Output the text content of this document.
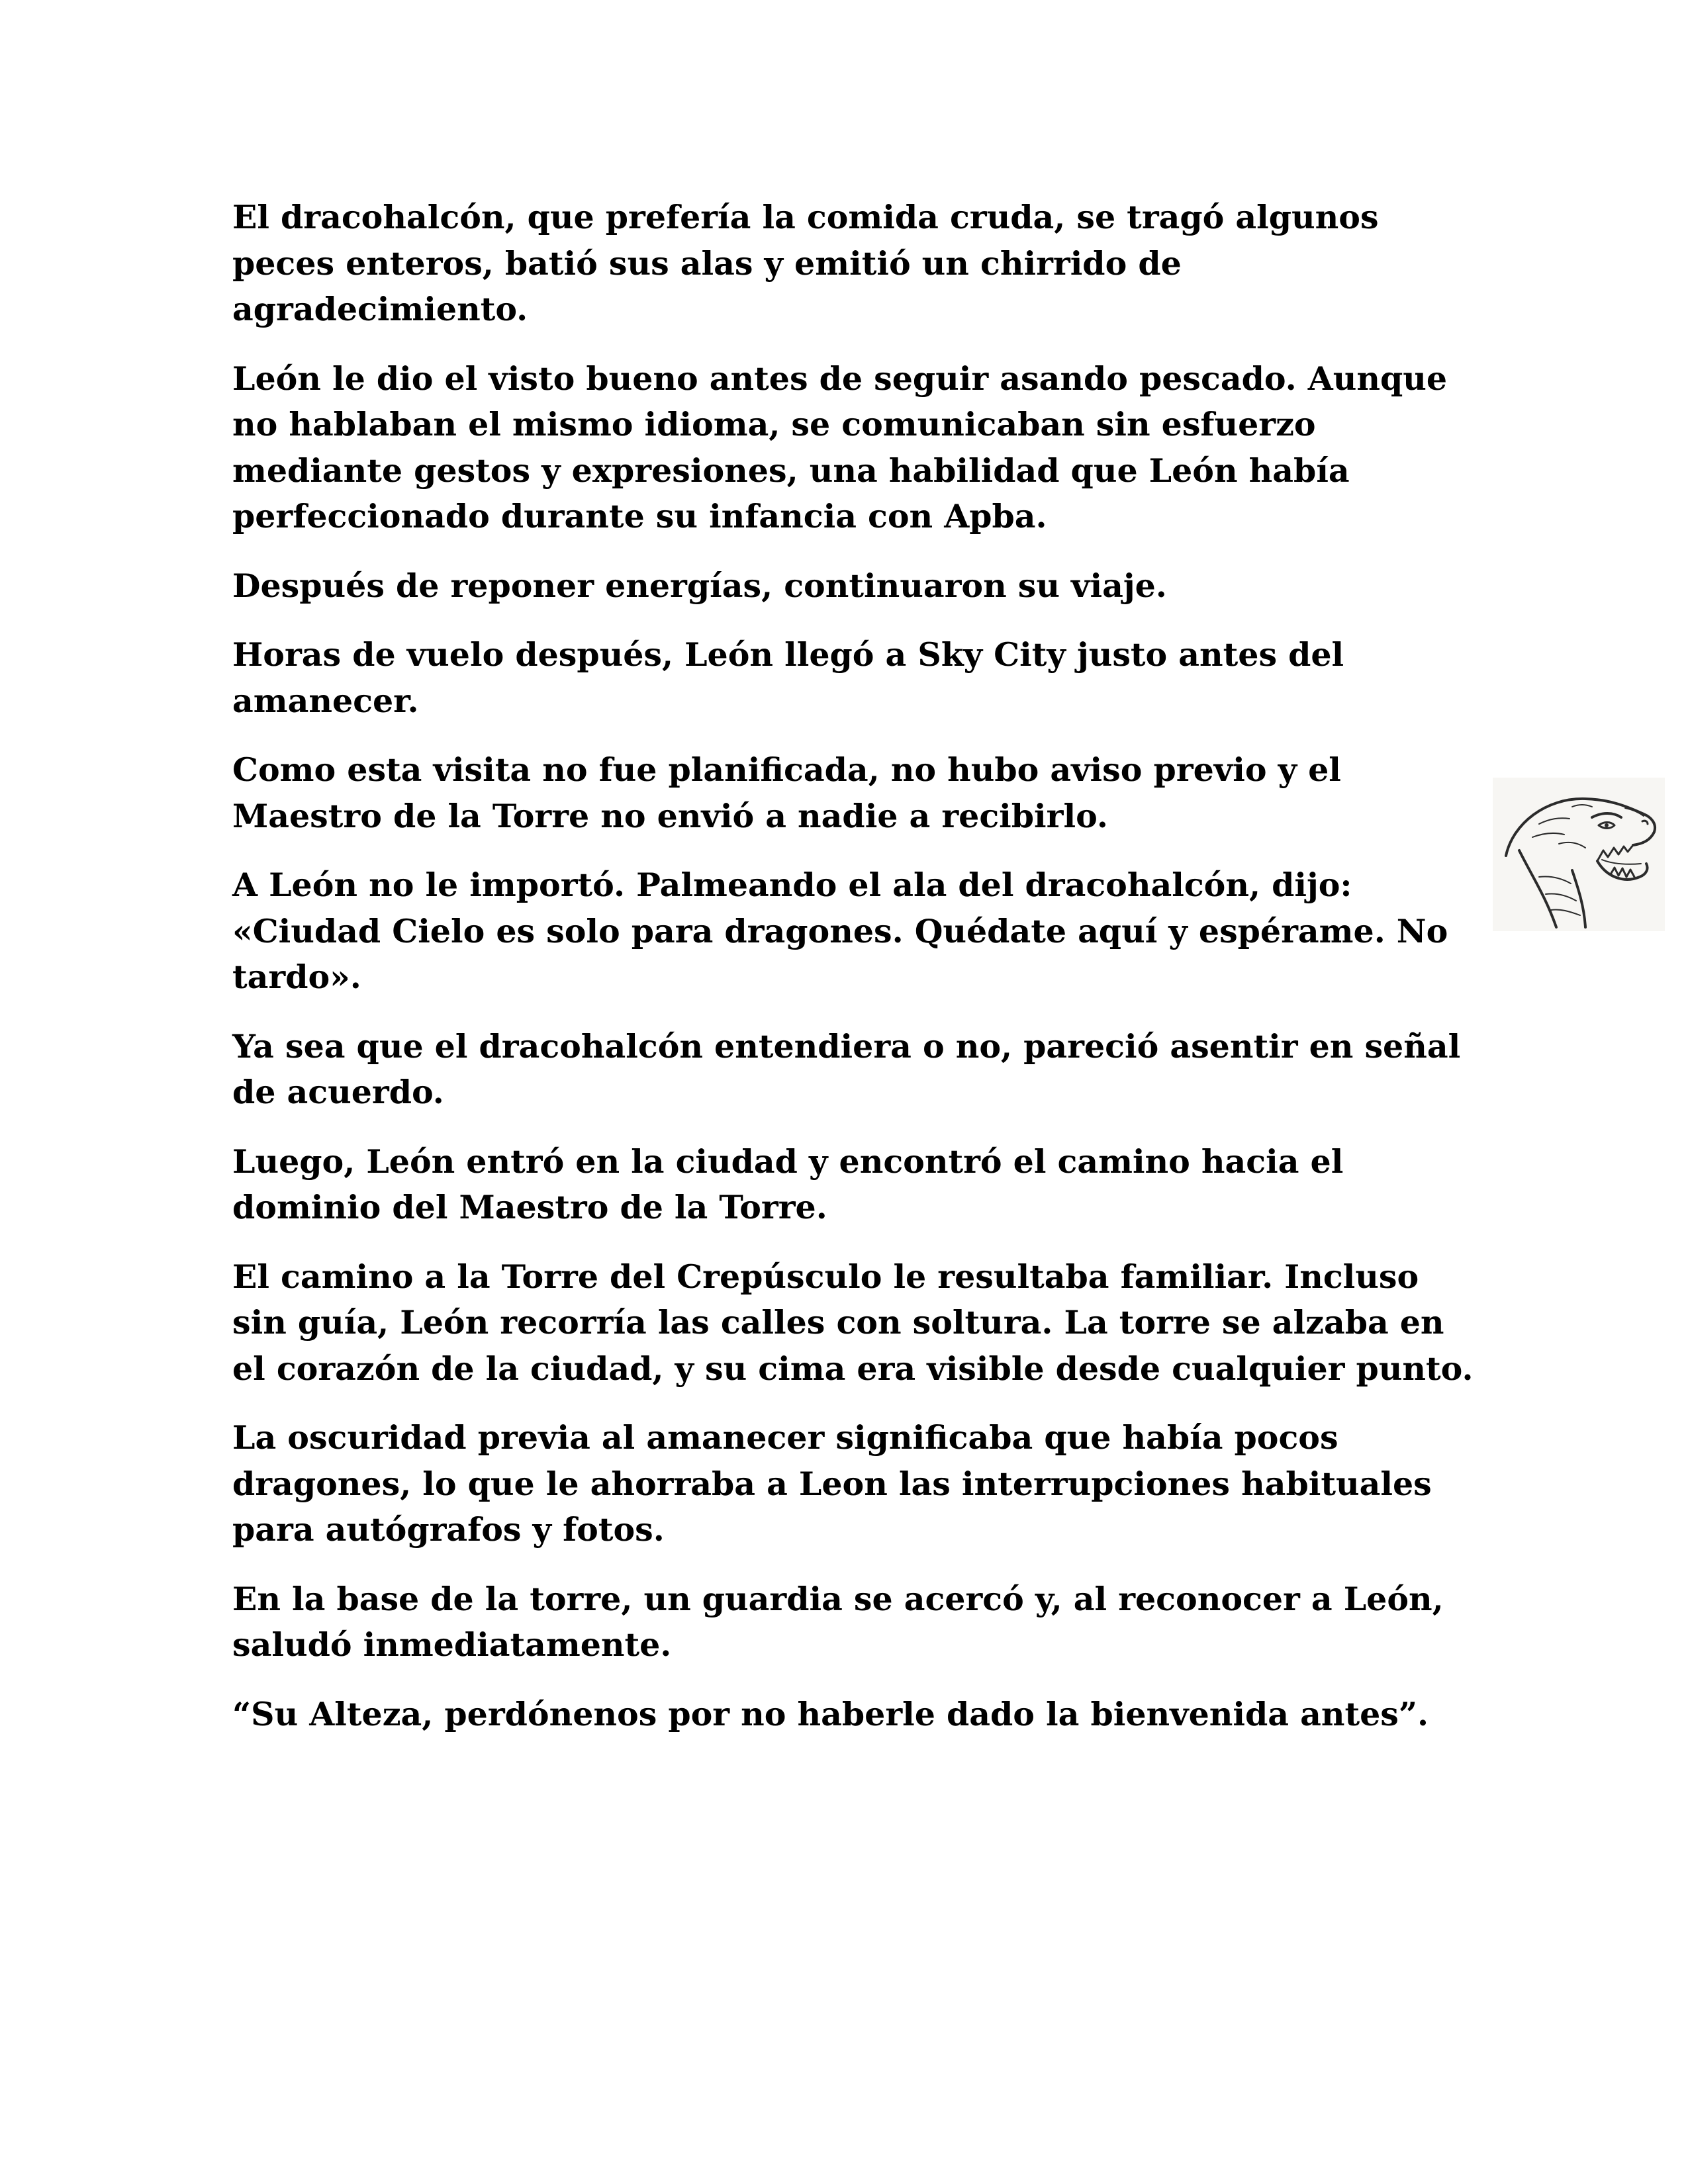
El dracohalcón, que prefería la comida cruda, se tragó algunos peces enteros, batió sus alas y emitió un chirrido de agradecimiento.

León le dio el visto bueno antes de seguir asando pescado. Aunque no hablaban el mismo idioma, se comunicaban sin esfuerzo mediante gestos y expresiones, una habilidad que León había perfeccionado durante su infancia con Apba.

Después de reponer energías, continuaron su viaje.

Horas de vuelo después, León llegó a Sky City justo antes del amanecer.

Como esta visita no fue planificada, no hubo aviso previo y el Maestro de la Torre no envió a nadie a recibirlo.

A León no le importó. Palmeando el ala del dracohalcón, dijo: «Ciudad Cielo es solo para dragones. Quédate aquí y espérame. No tardo».

Ya sea que el dracohalcón entendiera o no, pareció asentir en señal de acuerdo.

Luego, León entró en la ciudad y encontró el camino hacia el dominio del Maestro de la Torre.

El camino a la Torre del Crepúsculo le resultaba familiar. Incluso sin guía, León recorría las calles con soltura. La torre se alzaba en el corazón de la ciudad, y su cima era visible desde cualquier punto.

La oscuridad previa al amanecer significaba que había pocos dragones, lo que le ahorraba a Leon las interrupciones habituales para autógrafos y fotos.

En la base de la torre, un guardia se acercó y, al reconocer a León, saludó inmediatamente.

“Su Alteza, perdónenos por no haberle dado la bienvenida antes”.
